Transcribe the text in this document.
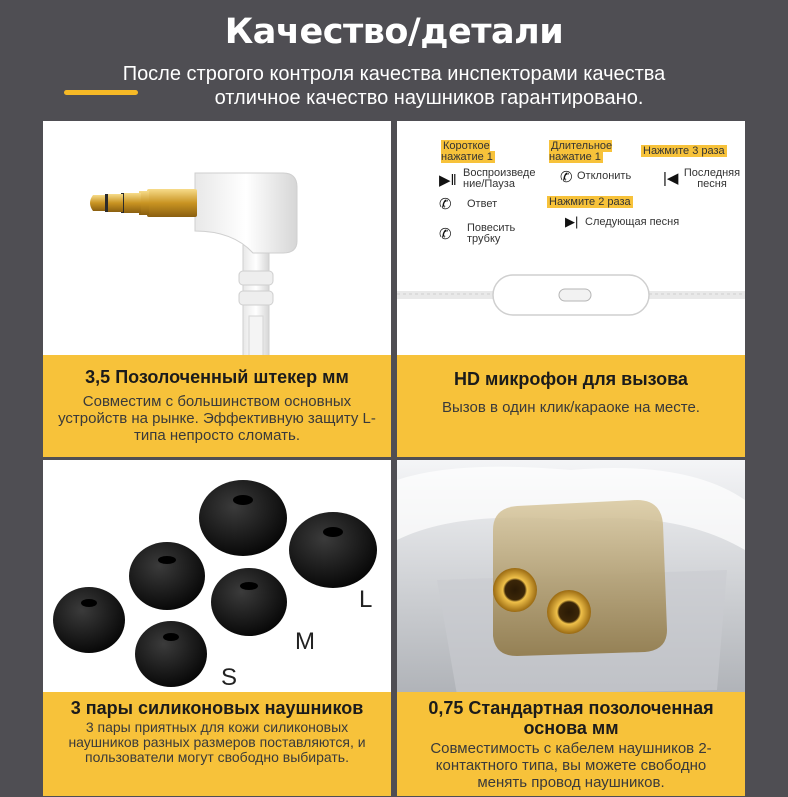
Качество/детали
После строгого контроля качества инспекторами качества
отличное качество наушников гарантировано.
3,5 Позолоченный штекер мм

Совместим с большинством основных устройств на рынке. Эффективную защиту L-типа непросто сломать.

Короткое нажатие 1
Длительное нажатие 1	Нажмите 3 раза
▶‖ Воспроизведе ние/Пауза	✆ Отклонить |◀ Последняя песня
✆ Ответ	Нажмите 2 раза
▶| Следующая песня
✆ Повесить трубку
HD микрофон для вызова

Вызов в один клик/караоке на месте.

L
M
S
3 пары силиконовых наушников

3 пары приятных для кожи силиконовых наушников разных размеров поставляются, и пользователи могут свободно выбирать.

0,75 Стандартная позолоченная основа мм

Совместимость с кабелем наушников 2-контактного типа, вы можете свободно менять провод наушников.
